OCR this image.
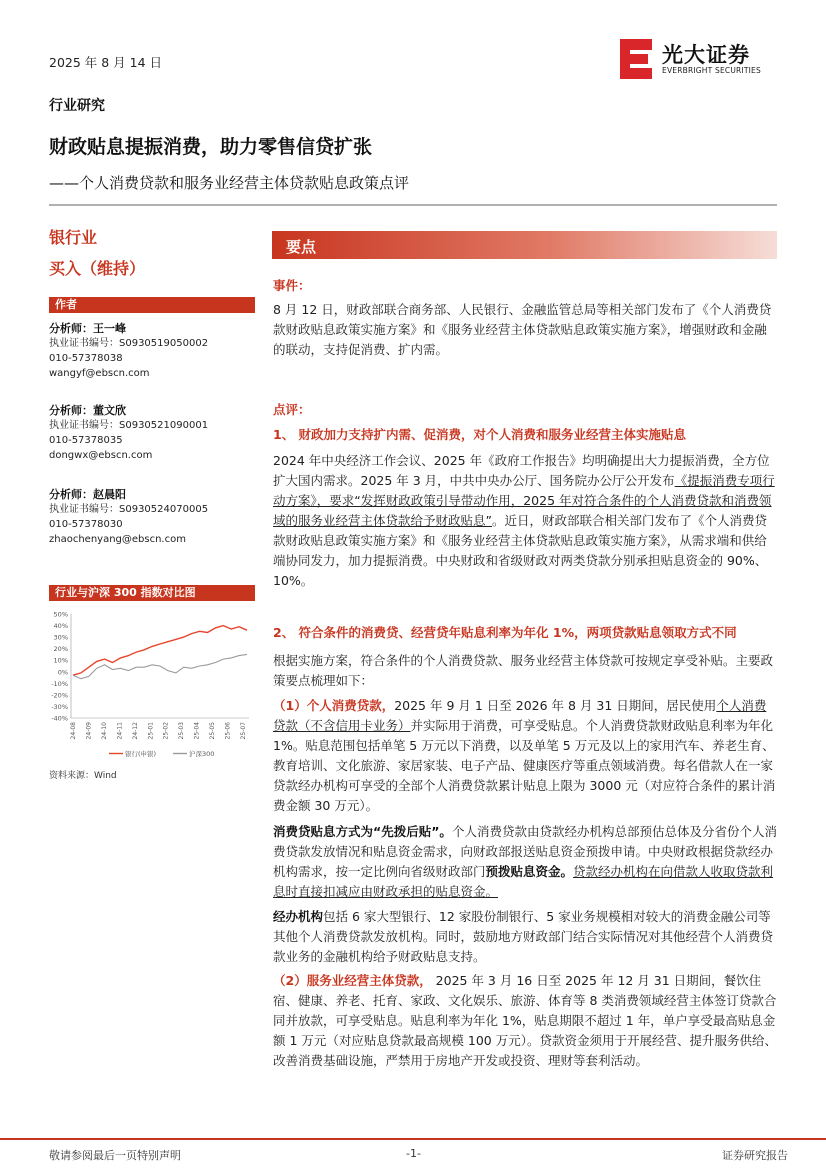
2025 年 8 月 14 日	光大证券
EVERBRIGHT SECURITIES
行业研究
财政贴息提振消费，助力零售信贷扩张
——个人消费贷款和服务业经营主体贷款贴息政策点评
银行业
买入（维持）
作者
分析师：王一峰
执业证书编号：S0930519050002
010-57378038
wangyf@ebscn.com
分析师：董文欣
执业证书编号：S0930521090001
010-57378035
dongwx@ebscn.com
分析师：赵晨阳
执业证书编号：S0930524070005
010-57378030
zhaochenyang@ebscn.com
行业与沪深 300 指数对比图
50%
40%
30%
20%
10%
0%
-10%
-20%
-30%
-40%
24-08 24-09 24-10 24-11 24-12 25-01 25-02 25-03 25-04 25-05 25-06 25-07
银行(申银)	沪深300
资料来源：Wind
要点
事件：
8 月 12 日，财政部联合商务部、人民银行、金融监管总局等相关部门发布了《个人消费贷款财政贴息政策实施方案》和《服务业经营主体贷款贴息政策实施方案》，增强财政和金融的联动，支持促消费、扩内需。
点评：
1、 财政加力支持扩内需、促消费，对个人消费和服务业经营主体实施贴息
2024 年中央经济工作会议、2025 年《政府工作报告》均明确提出大力提振消费，全方位扩大国内需求。2025 年 3 月，中共中央办公厅、国务院办公厅公开发布《提振消费专项行动方案》，要求“发挥财政政策引导带动作用，2025 年对符合条件的个人消费贷款和消费领域的服务业经营主体贷款给予财政贴息”。近日，财政部联合相关部门发布了《个人消费贷款财政贴息政策实施方案》和《服务业经营主体贷款贴息政策实施方案》，从需求端和供给端协同发力，加力提振消费。中央财政和省级财政对两类贷款分别承担贴息资金的 90%、10%。
2、 符合条件的消费贷、经营贷年贴息利率为年化 1%，两项贷款贴息领取方式不同
根据实施方案，符合条件的个人消费贷款、服务业经营主体贷款可按规定享受补贴。主要政策要点梳理如下：
（1）个人消费贷款，2025 年 9 月 1 日至 2026 年 8 月 31 日期间，居民使用个人消费贷款（不含信用卡业务）并实际用于消费，可享受贴息。个人消费贷款财政贴息利率为年化 1%。贴息范围包括单笔 5 万元以下消费，以及单笔 5 万元及以上的家用汽车、养老生育、教育培训、文化旅游、家居家装、电子产品、健康医疗等重点领域消费。每名借款人在一家贷款经办机构可享受的全部个人消费贷款累计贴息上限为 3000 元（对应符合条件的累计消费金额 30 万元）。
消费贷贴息方式为“先拨后贴”。个人消费贷款由贷款经办机构总部预估总体及分省份个人消费贷款发放情况和贴息资金需求，向财政部报送贴息资金预拨申请。中央财政根据贷款经办机构需求，按一定比例向省级财政部门预拨贴息资金。贷款经办机构在向借款人收取贷款利息时直接扣减应由财政承担的贴息资金。
经办机构包括 6 家大型银行、12 家股份制银行、5 家业务规模相对较大的消费金融公司等其他个人消费贷款发放机构。同时，鼓励地方财政部门结合实际情况对其他经营个人消费贷款业务的金融机构给予财政贴息支持。
（2）服务业经营主体贷款， 2025 年 3 月 16 日至 2025 年 12 月 31 日期间，餐饮住宿、健康、养老、托育、家政、文化娱乐、旅游、体育等 8 类消费领域经营主体签订贷款合同并放款，可享受贴息。贴息利率为年化 1%，贴息期限不超过 1 年，单户享受最高贴息金额 1 万元（对应贴息贷款最高规模 100 万元）。贷款资金须用于开展经营、提升服务供给、改善消费基础设施，严禁用于房地产开发或投资、理财等套利活动。
敬请参阅最后一页特别声明	-1-	证券研究报告
